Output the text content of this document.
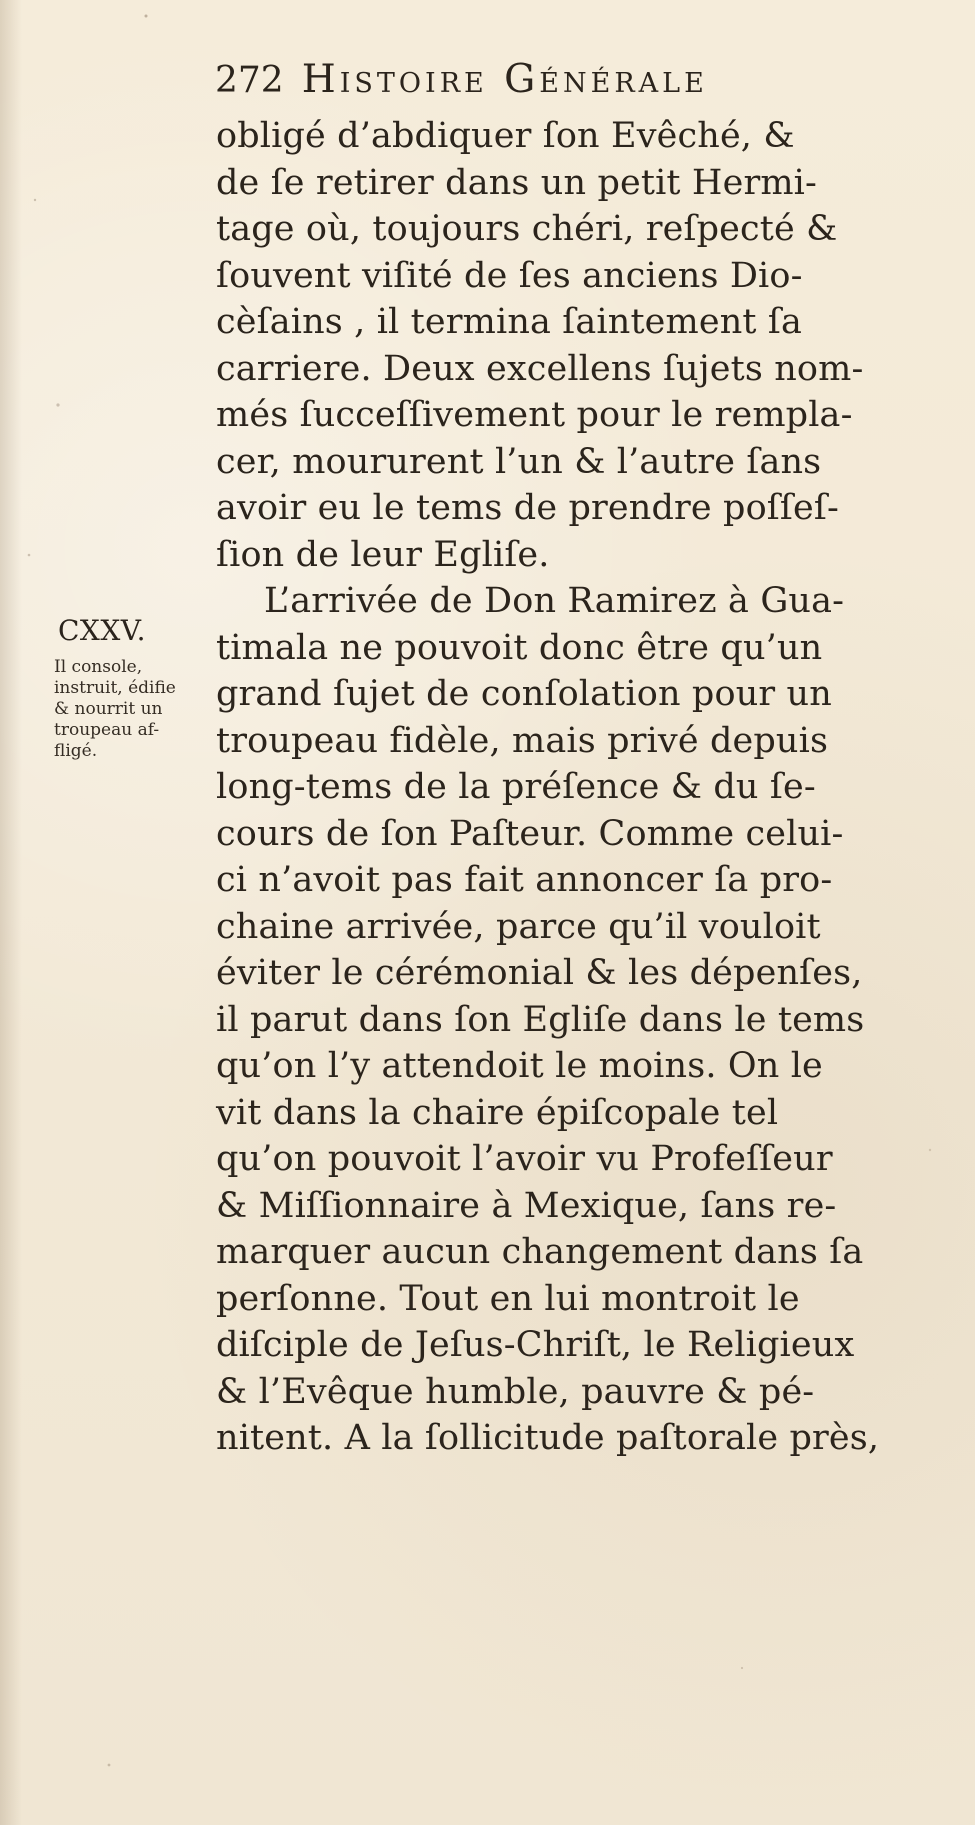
272 Histoire Générale
CXXV.
Il console,
instruit, édifie
& nourrit un
troupeau af-
fligé.
obligé d’abdiquer ſon Evêché, &
de ſe retirer dans un petit Hermi-
tage où, toujours chéri, reſpecté &
ſouvent viſité de ſes anciens Dio-
cèſains , il termina ſaintement ſa
carriere. Deux excellens ſujets nom-
més ſucceſſivement pour le rempla-
cer, moururent l’un & l’autre ſans
avoir eu le tems de prendre poſſeſ-
ſion de leur Egliſe.
L’arrivée de Don Ramirez à Gua-
timala ne pouvoit donc être qu’un
grand ſujet de conſolation pour un
troupeau fidèle, mais privé depuis
long-tems de la préſence & du ſe-
cours de ſon Paſteur. Comme celui-
ci n’avoit pas fait annoncer ſa pro-
chaine arrivée, parce qu’il vouloit
éviter le cérémonial & les dépenſes,
il parut dans ſon Egliſe dans le tems
qu’on l’y attendoit le moins. On le
vit dans la chaire épiſcopale tel
qu’on pouvoit l’avoir vu Profeſſeur
& Miſſionnaire à Mexique, ſans re-
marquer aucun changement dans ſa
perſonne. Tout en lui montroit le
diſciple de Jeſus-Chriſt, le Religieux
& l’Evêque humble, pauvre & pé-
nitent. A la ſollicitude paſtorale près,
